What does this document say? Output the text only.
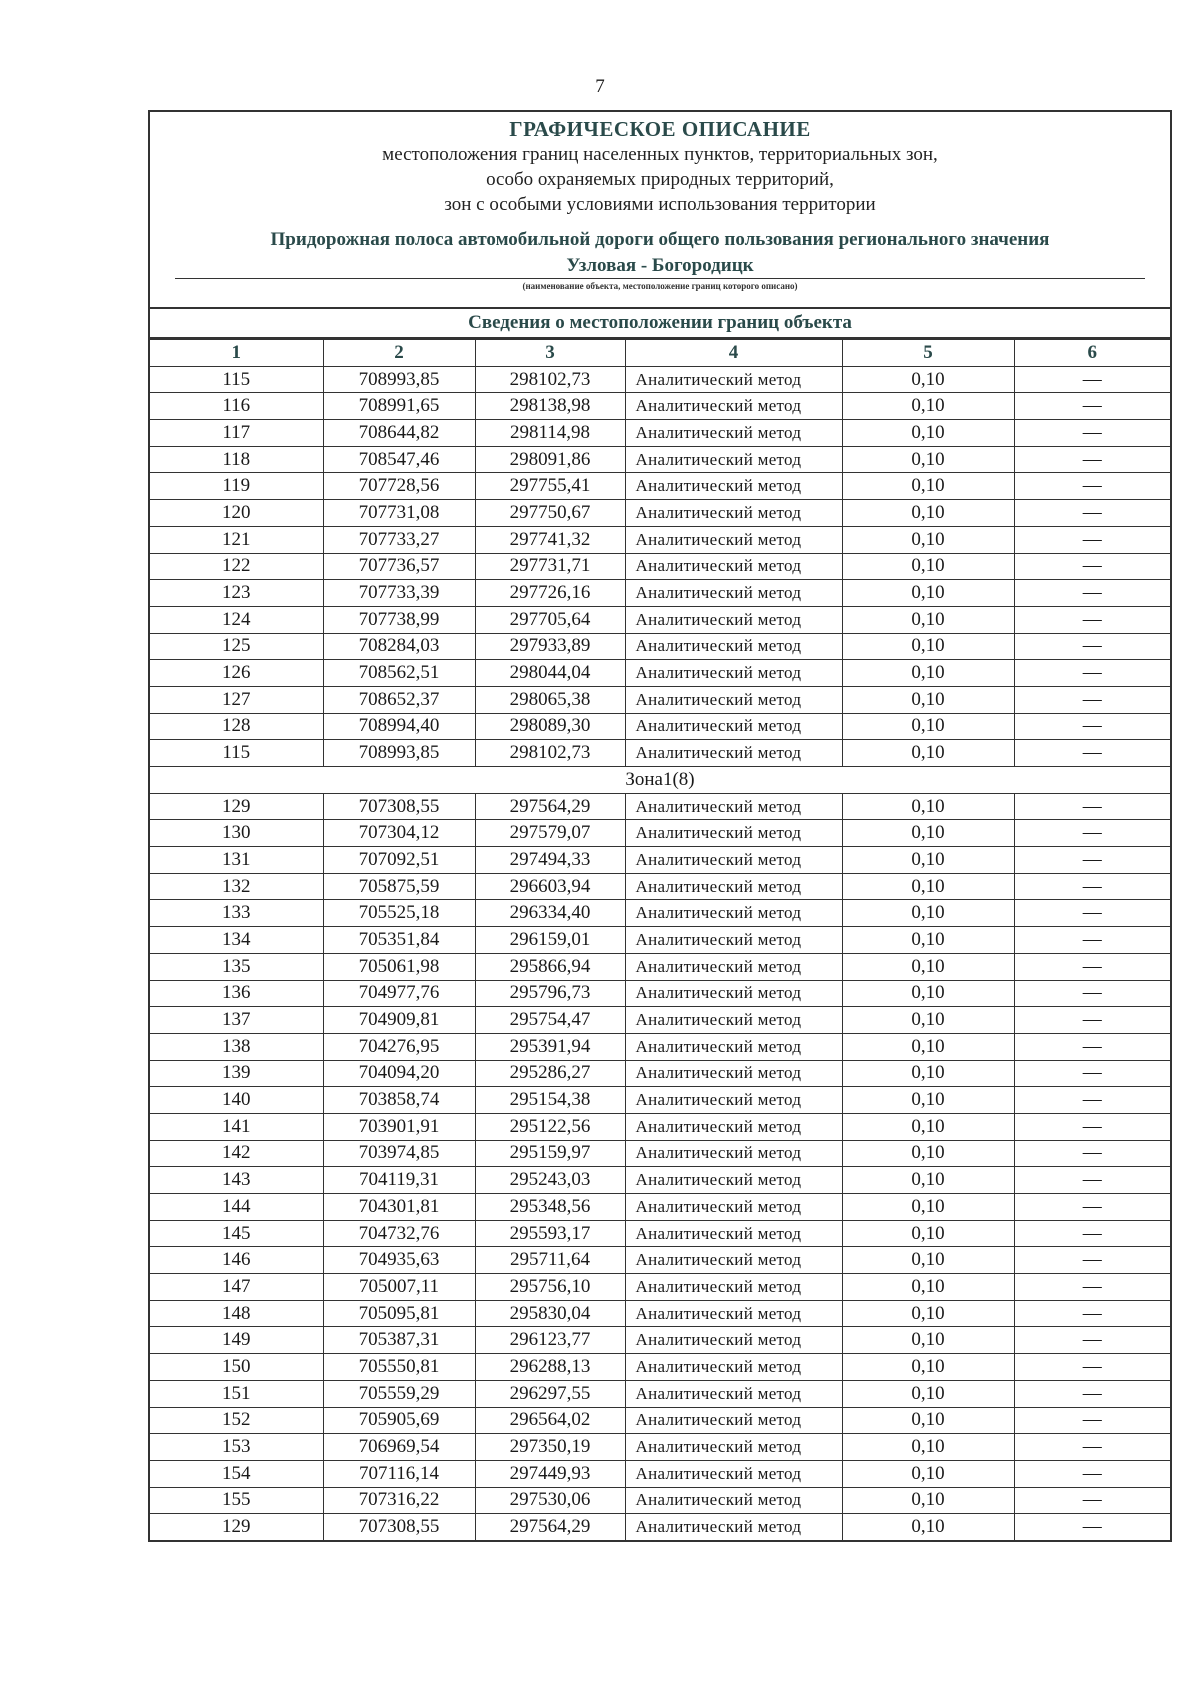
7
ГРАФИЧЕСКОЕ ОПИСАНИЕ
местоположения границ населенных пунктов, территориальных зон,
особо охраняемых природных территорий,
зон с особыми условиями использования территории
Придорожная полоса автомобильной дороги общего пользования регионального значения
Узловая - Богородицк
(наименование объекта, местоположение границ которого описано)
Сведения о местоположении границ объекта
1	2	3	4	5	6
115	708993,85	298102,73	Аналитический метод	0,10	—
116	708991,65	298138,98	Аналитический метод	0,10	—
117	708644,82	298114,98	Аналитический метод	0,10	—
118	708547,46	298091,86	Аналитический метод	0,10	—
119	707728,56	297755,41	Аналитический метод	0,10	—
120	707731,08	297750,67	Аналитический метод	0,10	—
121	707733,27	297741,32	Аналитический метод	0,10	—
122	707736,57	297731,71	Аналитический метод	0,10	—
123	707733,39	297726,16	Аналитический метод	0,10	—
124	707738,99	297705,64	Аналитический метод	0,10	—
125	708284,03	297933,89	Аналитический метод	0,10	—
126	708562,51	298044,04	Аналитический метод	0,10	—
127	708652,37	298065,38	Аналитический метод	0,10	—
128	708994,40	298089,30	Аналитический метод	0,10	—
115	708993,85	298102,73	Аналитический метод	0,10	—
Зона1(8)					
129	707308,55	297564,29	Аналитический метод	0,10	—
130	707304,12	297579,07	Аналитический метод	0,10	—
131	707092,51	297494,33	Аналитический метод	0,10	—
132	705875,59	296603,94	Аналитический метод	0,10	—
133	705525,18	296334,40	Аналитический метод	0,10	—
134	705351,84	296159,01	Аналитический метод	0,10	—
135	705061,98	295866,94	Аналитический метод	0,10	—
136	704977,76	295796,73	Аналитический метод	0,10	—
137	704909,81	295754,47	Аналитический метод	0,10	—
138	704276,95	295391,94	Аналитический метод	0,10	—
139	704094,20	295286,27	Аналитический метод	0,10	—
140	703858,74	295154,38	Аналитический метод	0,10	—
141	703901,91	295122,56	Аналитический метод	0,10	—
142	703974,85	295159,97	Аналитический метод	0,10	—
143	704119,31	295243,03	Аналитический метод	0,10	—
144	704301,81	295348,56	Аналитический метод	0,10	—
145	704732,76	295593,17	Аналитический метод	0,10	—
146	704935,63	295711,64	Аналитический метод	0,10	—
147	705007,11	295756,10	Аналитический метод	0,10	—
148	705095,81	295830,04	Аналитический метод	0,10	—
149	705387,31	296123,77	Аналитический метод	0,10	—
150	705550,81	296288,13	Аналитический метод	0,10	—
151	705559,29	296297,55	Аналитический метод	0,10	—
152	705905,69	296564,02	Аналитический метод	0,10	—
153	706969,54	297350,19	Аналитический метод	0,10	—
154	707116,14	297449,93	Аналитический метод	0,10	—
155	707316,22	297530,06	Аналитический метод	0,10	—
129	707308,55	297564,29	Аналитический метод	0,10	—
